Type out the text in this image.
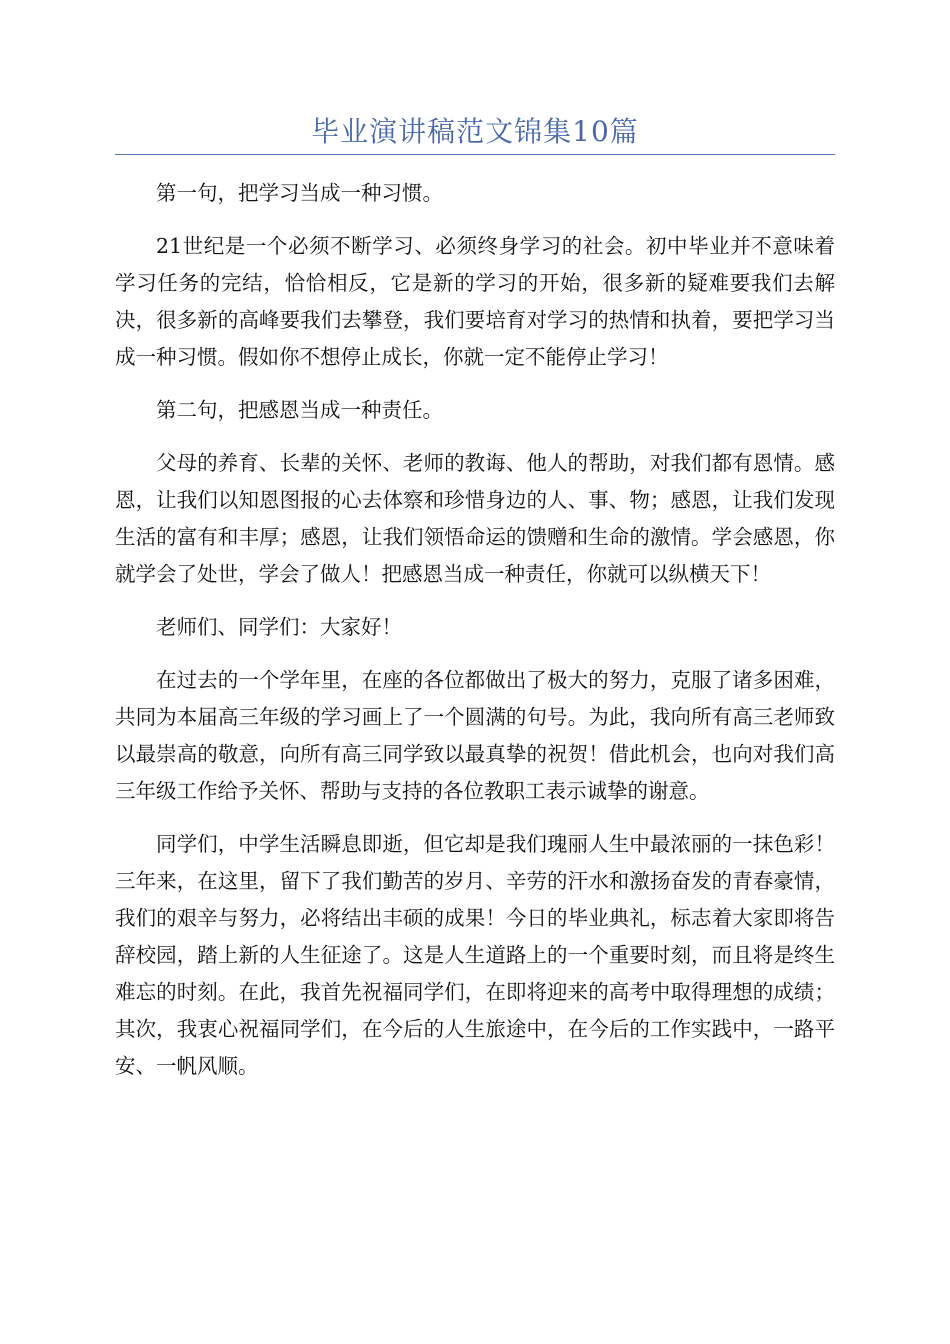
毕业演讲稿范文锦集10篇

第一句，把学习当成一种习惯。

21世纪是一个必须不断学习、必须终身学习的社会。初中毕业并不意味着学习任务的完结，恰恰相反，它是新的学习的开始，很多新的疑难要我们去解决，很多新的高峰要我们去攀登，我们要培育对学习的热情和执着，要把学习当成一种习惯。假如你不想停止成长，你就一定不能停止学习！

第二句，把感恩当成一种责任。

父母的养育、长辈的关怀、老师的教诲、他人的帮助，对我们都有恩情。感恩，让我们以知恩图报的心去体察和珍惜身边的人、事、物；感恩，让我们发现生活的富有和丰厚；感恩，让我们领悟命运的馈赠和生命的激情。学会感恩，你就学会了处世，学会了做人！把感恩当成一种责任，你就可以纵横天下！

老师们、同学们：大家好！

在过去的一个学年里，在座的各位都做出了极大的努力，克服了诸多困难，共同为本届高三年级的学习画上了一个圆满的句号。为此，我向所有高三老师致以最崇高的敬意，向所有高三同学致以最真挚的祝贺！借此机会，也向对我们高三年级工作给予关怀、帮助与支持的各位教职工表示诚挚的谢意。

同学们，中学生活瞬息即逝，但它却是我们瑰丽人生中最浓丽的一抹色彩！三年来，在这里，留下了我们勤苦的岁月、辛劳的汗水和激扬奋发的青春豪情，我们的艰辛与努力，必将结出丰硕的成果！今日的毕业典礼，标志着大家即将告辞校园，踏上新的人生征途了。这是人生道路上的一个重要时刻，而且将是终生难忘的时刻。在此，我首先祝福同学们，在即将迎来的高考中取得理想的成绩；其次，我衷心祝福同学们，在今后的人生旅途中，在今后的工作实践中，一路平安、一帆风顺。
